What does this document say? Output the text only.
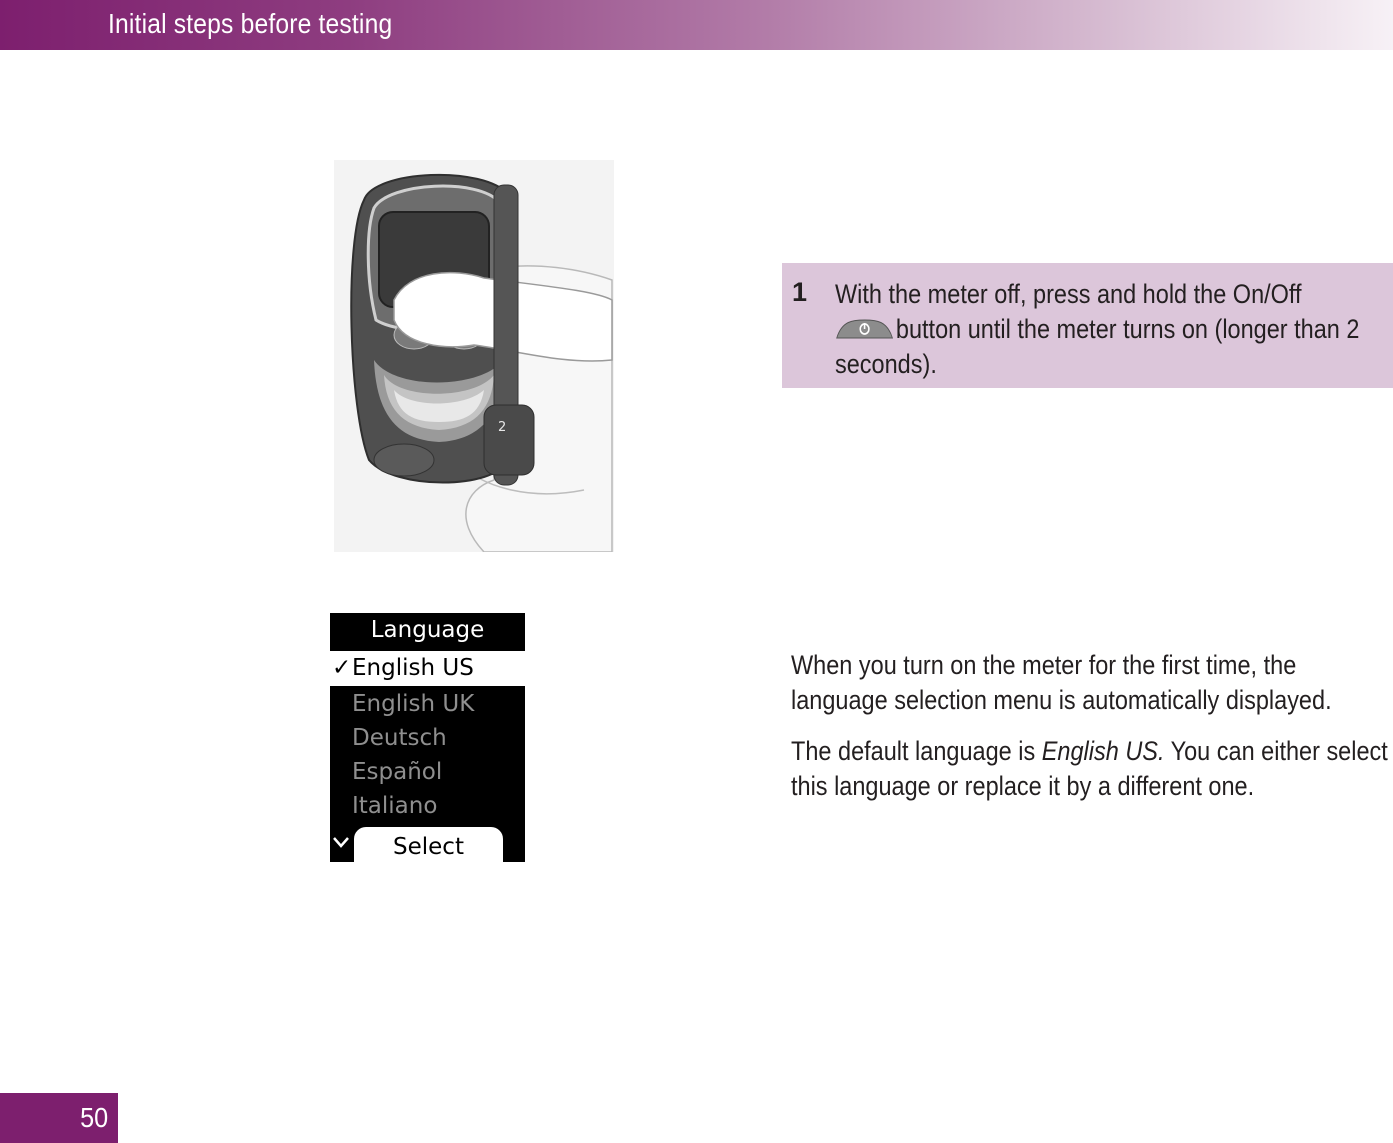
Initial steps before testing
2
1 With the meter off, press and hold the On/Off
button until the meter turns on (longer than 2 seconds).
Language
✓ English US
English UK
Deutsch
Español
Italiano
Select
When you turn on the meter for the first time, the language selection menu is automatically displayed.
The default language is English US. You can either select this language or replace it by a different one.
50
